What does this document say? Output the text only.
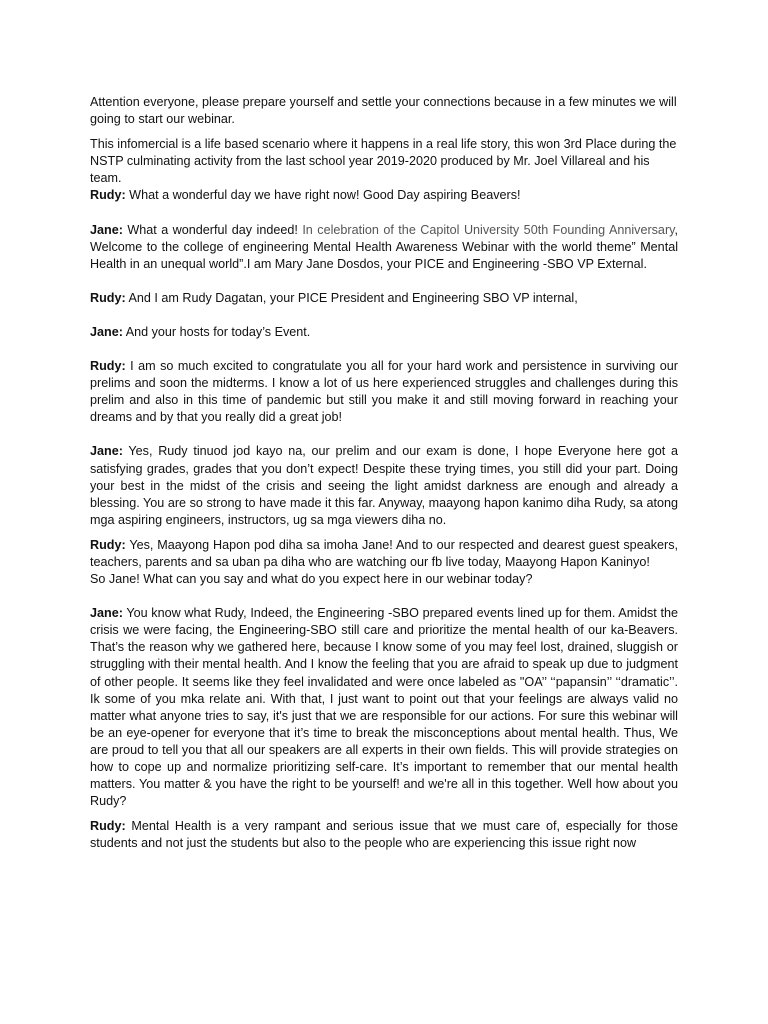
Attention everyone, please prepare yourself and settle your connections because in a few minutes we will going to start our webinar.

This infomercial is a life based scenario where it happens in a real life story, this won 3rd Place during the NSTP culminating activity from the last school year 2019-2020 produced by Mr. Joel Villareal and his team.

Rudy: What a wonderful day we have right now! Good Day aspiring Beavers!

Jane: What a wonderful day indeed! In celebration of the Capitol University 50th Founding Anniversary, Welcome to the college of engineering Mental Health Awareness Webinar with the world theme” Mental Health in an unequal world”.I am Mary Jane Dosdos, your PICE and Engineering -SBO VP External.

Rudy: And I am Rudy Dagatan, your PICE President and Engineering SBO VP internal,

Jane: And your hosts for today’s Event.

Rudy: I am so much excited to congratulate you all for your hard work and persistence in surviving our prelims and soon the midterms. I know a lot of us here experienced struggles and challenges during this prelim and also in this time of pandemic but still you make it and still moving forward in reaching your dreams and by that you really did a great job!

Jane: Yes, Rudy tinuod jod kayo na, our prelim and our exam is done, I hope Everyone here got a satisfying grades, grades that you don’t expect! Despite these trying times, you still did your part. Doing your best in the midst of the crisis and seeing the light amidst darkness are enough and already a blessing. You are so strong to have made it this far. Anyway, maayong hapon kanimo diha Rudy, sa atong mga aspiring engineers, instructors, ug sa mga viewers diha no.

Rudy: Yes, Maayong Hapon pod diha sa imoha Jane! And to our respected and dearest guest speakers, teachers, parents and sa uban pa diha who are watching our fb live today, Maayong Hapon Kaninyo!

So Jane! What can you say and what do you expect here in our webinar today?

Jane: You know what Rudy, Indeed, the Engineering -SBO prepared events lined up for them. Amidst the crisis we were facing, the Engineering-SBO still care and prioritize the mental health of our ka-Beavers. That’s the reason why we gathered here, because I know some of you may feel lost, drained, sluggish or struggling with their mental health. And I know the feeling that you are afraid to speak up due to judgment of other people. It seems like they feel invalidated and were once labeled as "OA’’ ‘‘papansin’’ ‘‘dramatic’’. Ik some of you mka relate ani. With that, I just want to point out that your feelings are always valid no matter what anyone tries to say, it's just that we are responsible for our actions. For sure this webinar will be an eye-opener for everyone that it’s time to break the misconceptions about mental health. Thus, We are proud to tell you that all our speakers are all experts in their own fields. This will provide strategies on how to cope up and normalize prioritizing self-care. It’s important to remember that our mental health matters. You matter & you have the right to be yourself! and we're all in this together. Well how about you Rudy?

Rudy: Mental Health is a very rampant and serious issue that we must care of, especially for those students and not just the students but also to the people who are experiencing this issue right now
